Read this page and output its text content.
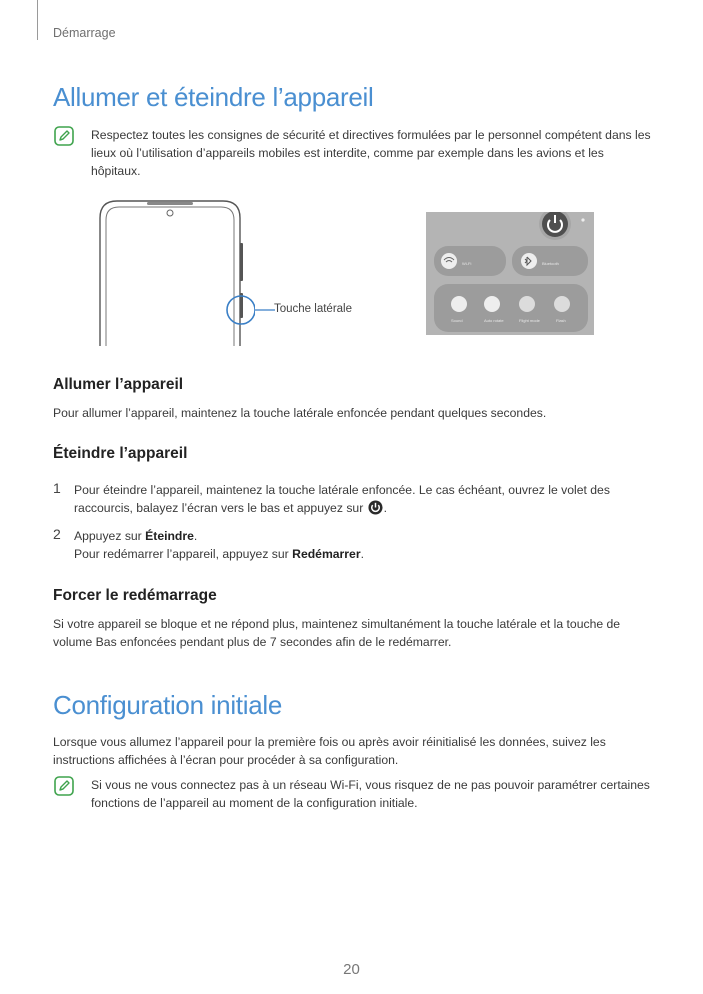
Démarrage
Allumer et éteindre l’appareil
Respectez toutes les consignes de sécurité et directives formulées par le personnel compétent dans les lieux où l’utilisation d’appareils mobiles est interdite, comme par exemple dans les avions et les hôpitaux.
Touche latérale
Wi-Fi	Bluetooth
Sound	Auto rotate	Flight mode	Flash
Allumer l’appareil
Pour allumer l’appareil, maintenez la touche latérale enfoncée pendant quelques secondes.
Éteindre l’appareil
1 Pour éteindre l’appareil, maintenez la touche latérale enfoncée. Le cas échéant, ouvrez le volet des raccourcis, balayez l’écran vers le bas et appuyez sur .
2 Appuyez sur Éteindre.
Pour redémarrer l’appareil, appuyez sur Redémarrer.
Forcer le redémarrage
Si votre appareil se bloque et ne répond plus, maintenez simultanément la touche latérale et la touche de volume Bas enfoncées pendant plus de 7 secondes afin de le redémarrer.
Configuration initiale
Lorsque vous allumez l’appareil pour la première fois ou après avoir réinitialisé les données, suivez les instructions affichées à l’écran pour procéder à sa configuration.
Si vous ne vous connectez pas à un réseau Wi-Fi, vous risquez de ne pas pouvoir paramétrer certaines fonctions de l’appareil au moment de la configuration initiale.
20
